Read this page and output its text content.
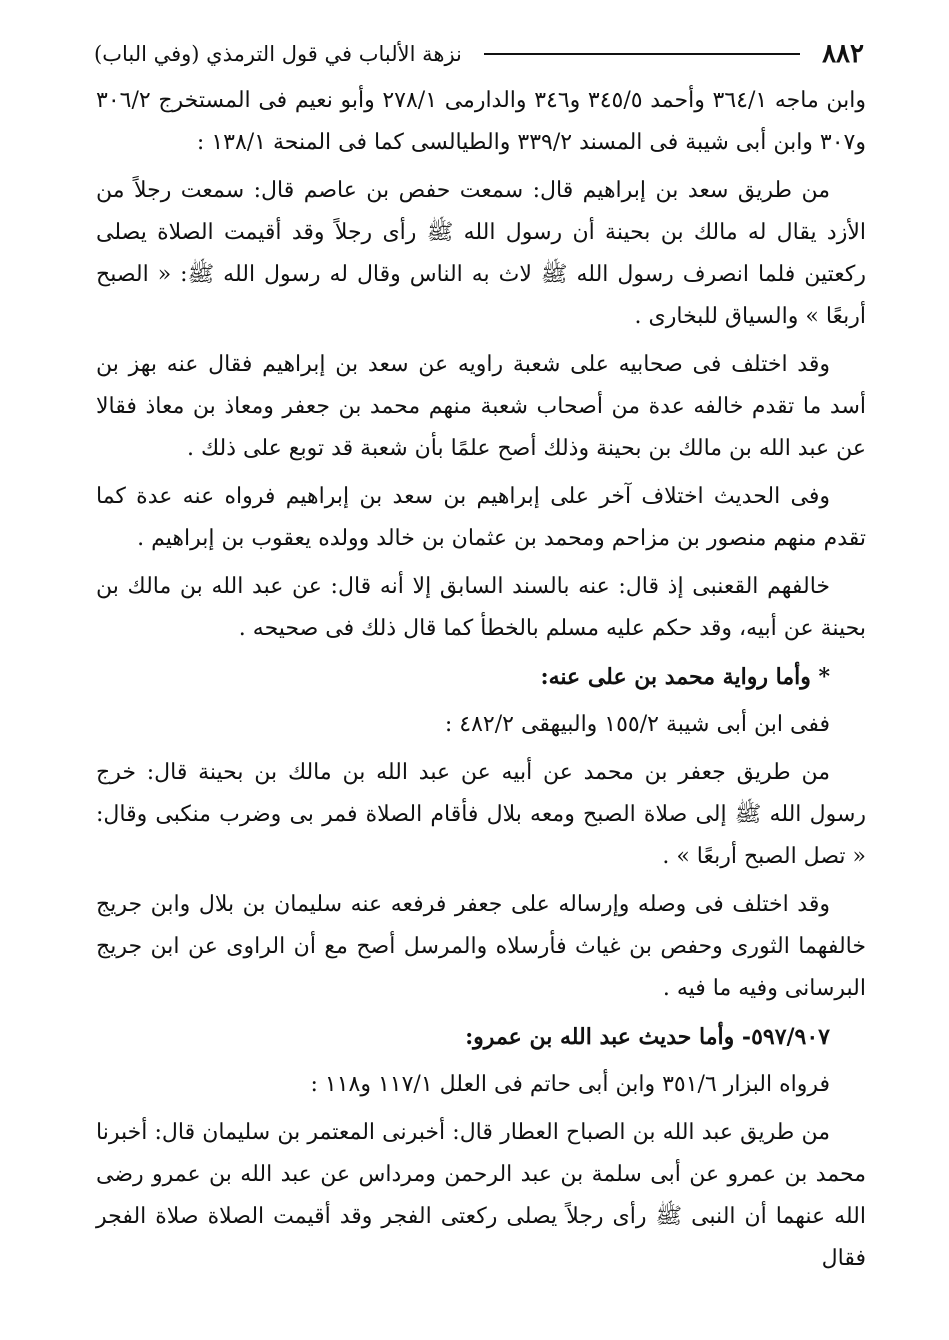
٨٨٢
نزهة الألباب في قول الترمذي (وفي الباب)

وابن ماجه ٣٦٤/١ وأحمد ٣٤٥/٥ و٣٤٦ والدارمى ٢٧٨/١ وأبو نعيم فى المستخرج ٣٠٦/٢ و٣٠٧ وابن أبى شيبة فى المسند ٣٣٩/٢ والطيالسى كما فى المنحة ١٣٨/١ :

من طريق سعد بن إبراهيم قال: سمعت حفص بن عاصم قال: سمعت رجلاً من الأزد يقال له مالك بن بحينة أن رسول الله ﷺ رأى رجلاً وقد أقيمت الصلاة يصلى ركعتين فلما انصرف رسول الله ﷺ لاث به الناس وقال له رسول الله ﷺ: « الصبح أربعًا » والسياق للبخارى .

وقد اختلف فى صحابيه على شعبة راويه عن سعد بن إبراهيم فقال عنه بهز بن أسد ما تقدم خالفه عدة من أصحاب شعبة منهم محمد بن جعفر ومعاذ بن معاذ فقالا عن عبد الله بن مالك بن بحينة وذلك أصح علمًا بأن شعبة قد توبع على ذلك .

وفى الحديث اختلاف آخر على إبراهيم بن سعد بن إبراهيم فرواه عنه عدة كما تقدم منهم منصور بن مزاحم ومحمد بن عثمان بن خالد وولده يعقوب بن إبراهيم .

خالفهم القعنبى إذ قال: عنه بالسند السابق إلا أنه قال: عن عبد الله بن مالك بن بحينة عن أبيه، وقد حكم عليه مسلم بالخطأ كما قال ذلك فى صحيحه .

* وأما رواية محمد بن على عنه:

ففى ابن أبى شيبة ١٥٥/٢ والبيهقى ٤٨٢/٢ :

من طريق جعفر بن محمد عن أبيه عن عبد الله بن مالك بن بحينة قال: خرج رسول الله ﷺ إلى صلاة الصبح ومعه بلال فأقام الصلاة فمر بى وضرب منكبى وقال: « تصل الصبح أربعًا » .

وقد اختلف فى وصله وإرساله على جعفر فرفعه عنه سليمان بن بلال وابن جريج خالفهما الثورى وحفص بن غياث فأرسلاه والمرسل أصح مع أن الراوى عن ابن جريج البرسانى وفيه ما فيه .

٥٩٧/٩٠٧- وأما حديث عبد الله بن عمرو:

فرواه البزار ٣٥١/٦ وابن أبى حاتم فى العلل ١١٧/١ و١١٨ :

من طريق عبد الله بن الصباح العطار قال: أخبرنى المعتمر بن سليمان قال: أخبرنا محمد بن عمرو عن أبى سلمة بن عبد الرحمن ومرداس عن عبد الله بن عمرو رضى الله عنهما أن النبى ﷺ رأى رجلاً يصلى ركعتى الفجر وقد أقيمت الصلاة صلاة الفجر فقال
